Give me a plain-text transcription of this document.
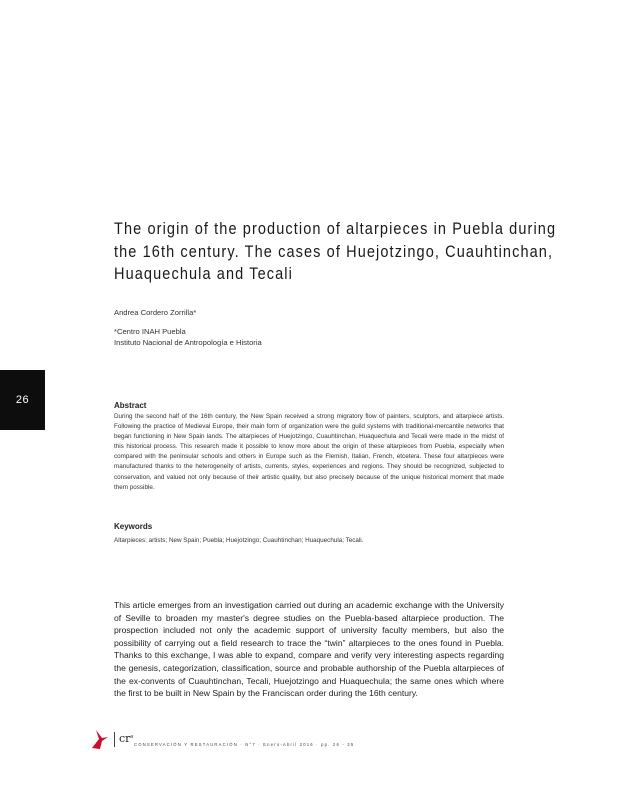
The origin of the production of altarpieces in Puebla during
the 16th century. The cases of Huejotzingo, Cuauhtinchan,
Huaquechula and Tecali
Andrea Cordero Zorrilla*
*Centro INAH Puebla
Instituto Nacional de Antropología e Historia
26	Abstract
During the second half of the 16th century, the New Spain received a strong migratory flow of painters, sculptors, and altarpiece artists. Following the practice of Medieval Europe, their main form of organization were the guild systems with traditional-mercantile networks that began functioning in New Spain lands. The altarpieces of Huejotzingo, Cuauhtinchan, Huaquechula and Tecali were made in the midst of this historical process. This research made it possible to know more about the origin of these altarpieces from Puebla, especially when compared with the peninsular schools and others in Europe such as the Flemish, Italian, French, etcetera. These four altarpieces were manufactured thanks to the heterogeneity of artists, currents, styles, experiences and regions. They should be recognized, subjected to conservation, and valued not only because of their artistic quality, but also precisely because of the unique historical moment that made them possible.
Keywords
Altarpieces; artists; New Spain; Puebla; Huejotzingo; Cuauhtinchan; Huaquechula; Tecali.
This article emerges from an investigation carried out during an academic exchange with the University of Seville to broaden my master's degree studies on the Puebla-based altarpiece production. The prospection included not only the academic support of university faculty members, but also the possibility of carrying out a field research to trace the “twin” altarpieces to the ones found in Puebla. Thanks to this exchange, I was able to expand, compare and verify very interesting aspects regarding the genesis, categorization, classification, source and probable authorship of the Puebla altarpieces of the ex-convents of Cuauhtinchan, Tecali, Huejotzingo and Huaquechula; the same ones which where the first to be built in New Spain by the Franciscan order during the 16th century.
$cr^a$
CONSERVACIÓN Y RESTAURACIÓN · N°7 · Enero-Abril 2016 · pp. 26 - 35
